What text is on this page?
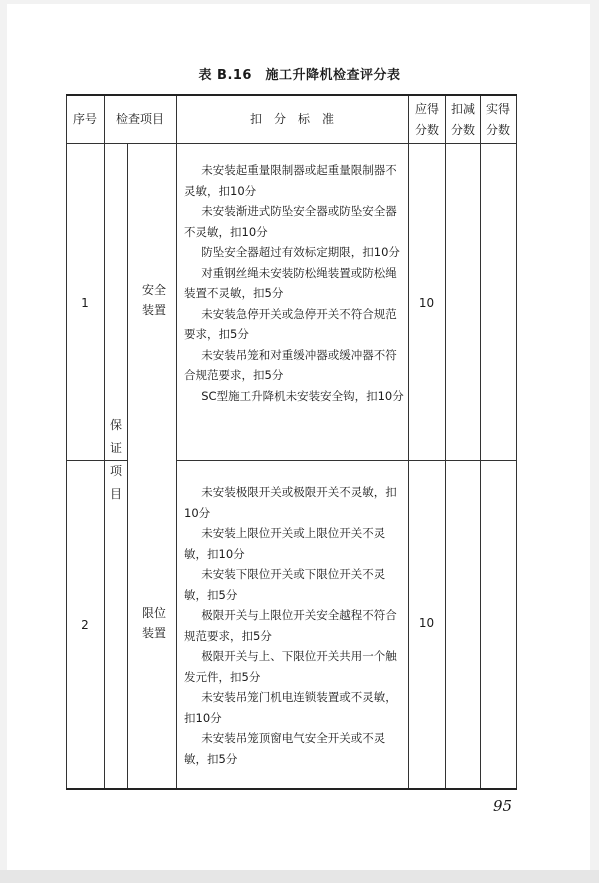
表 B.16　施工升降机检查评分表
序号	检查项目	扣　分　标　准
应得分数
扣减分数
实得分数
保证项目
1
安全装置
未安装起重量限制器或起重量限制器不灵敏，扣10分
未安装渐进式防坠安全器或防坠安全器不灵敏，扣10分
防坠安全器超过有效标定期限，扣10分
对重钢丝绳未安装防松绳装置或防松绳装置不灵敏，扣5分
未安装急停开关或急停开关不符合规范要求，扣5分
未安装吊笼和对重缓冲器或缓冲器不符合规范要求，扣5分
SC型施工升降机未安装安全钩，扣10分
10
2
限位装置
未安装极限开关或极限开关不灵敏，扣10分
未安装上限位开关或上限位开关不灵敏，扣10分
未安装下限位开关或下限位开关不灵敏，扣5分
极限开关与上限位开关安全越程不符合规范要求，扣5分
极限开关与上、下限位开关共用一个触发元件，扣5分
未安装吊笼门机电连锁装置或不灵敏，扣10分
未安装吊笼顶窗电气安全开关或不灵敏，扣5分
10
95
